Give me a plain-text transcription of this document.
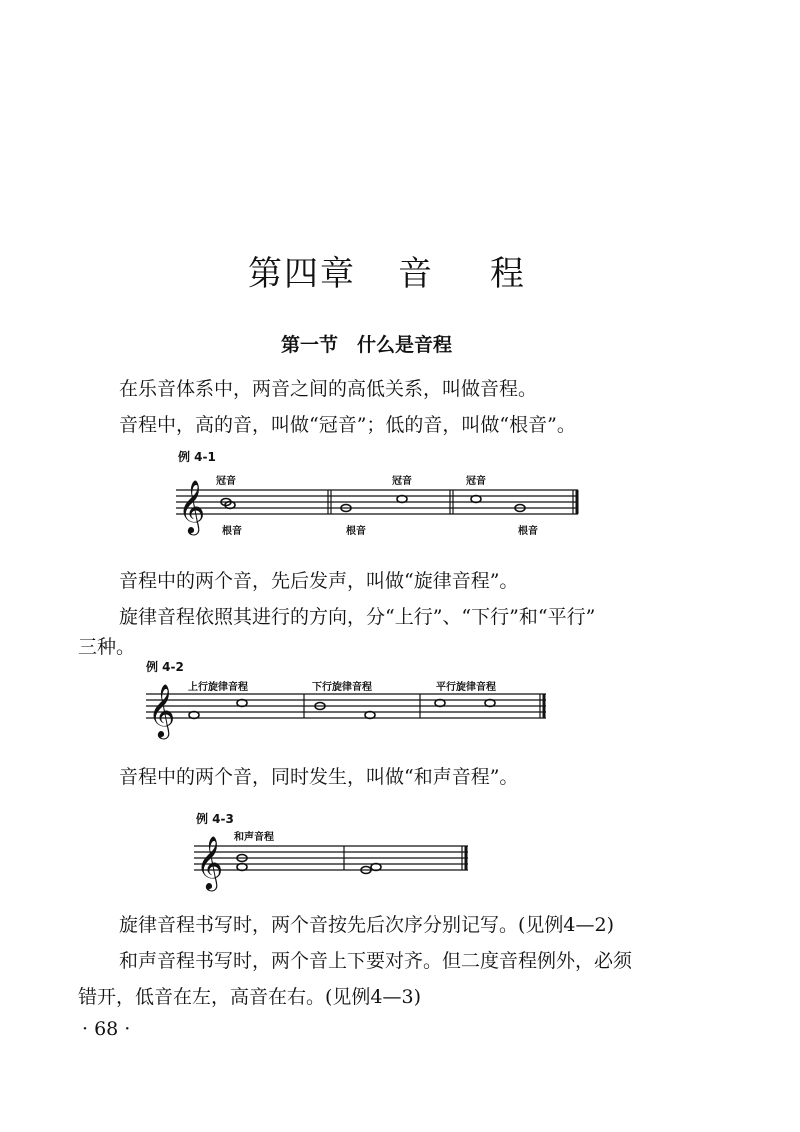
第四章 音 程
第一节　什么是音程
在乐音体系中，两音之间的高低关系，叫做音程。
音程中，高的音，叫做“冠音”；低的音，叫做“根音”。
例 4-1
冠音	冠音	冠音
𝄞 根音	根音	根音
音程中的两个音，先后发声，叫做“旋律音程”。
旋律音程依照其进行的方向，分“上行”、“下行”和“平行”
三种。
例 4-2
上行旋律音程	下行旋律音程	平行旋律音程
𝄞
音程中的两个音，同时发生，叫做“和声音程”。
例 4-3
和声音程
𝄞
旋律音程书写时，两个音按先后次序分别记写。(见例4—2)
和声音程书写时，两个音上下要对齐。但二度音程例外，必须
错开，低音在左，高音在右。(见例4—3)
· 68 ·
